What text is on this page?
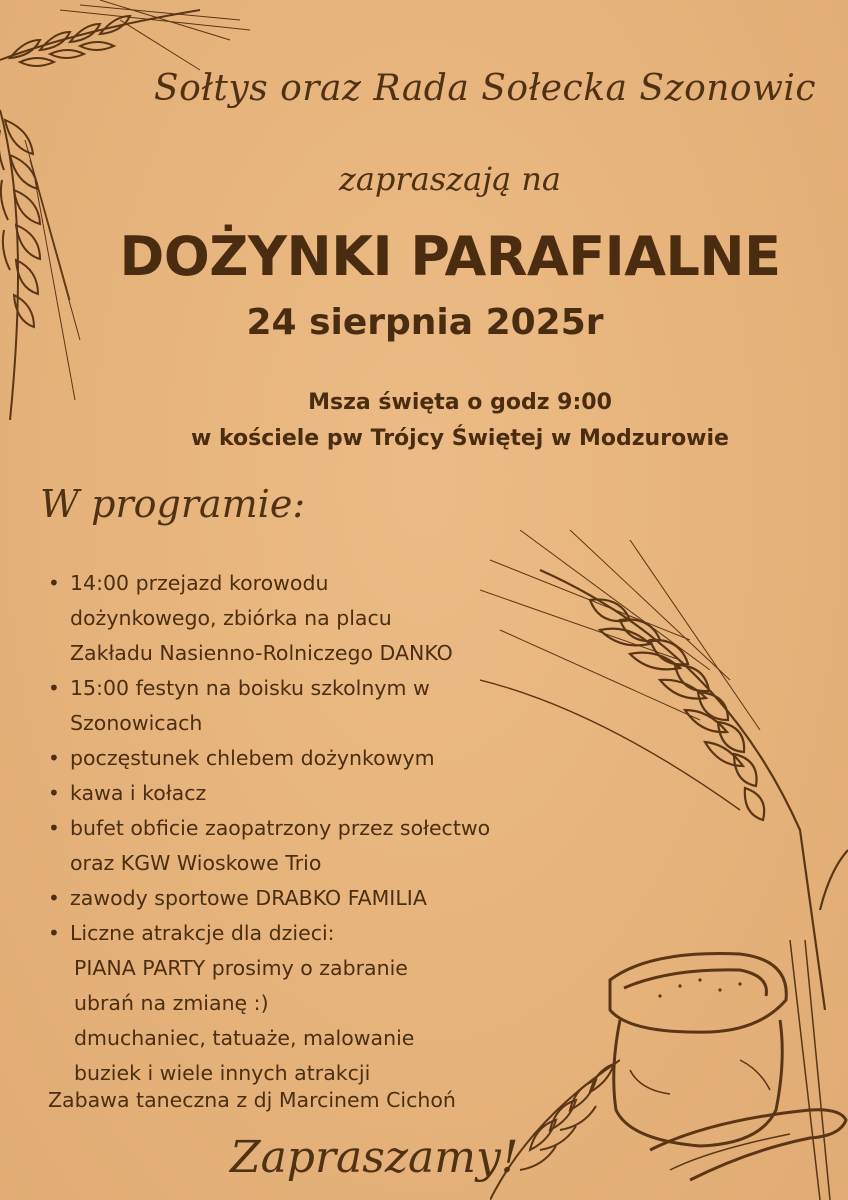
Sołtys oraz Rada Sołecka Szonowic
zapraszają na
DOŻYNKI PARAFIALNE
24 sierpnia 2025r
Msza święta o godz 9:00
w kościele pw Trójcy Świętej w Modzurowie
W programie:
• 14:00 przejazd korowodu
dożynkowego, zbiórka na placu
Zakładu Nasienno-Rolniczego DANKO
• 15:00 festyn na boisku szkolnym w
Szonowicach
• poczęstunek chlebem dożynkowym
• kawa i kołacz
• bufet obficie zaopatrzony przez sołectwo
oraz KGW Wioskowe Trio
• zawody sportowe DRABKO FAMILIA
• Liczne atrakcje dla dzieci:
PIANA PARTY prosimy o zabranie
ubrań na zmianę :)
dmuchaniec, tatuaże, malowanie
buziek i wiele innych atrakcji
Zabawa taneczna z dj Marcinem Cichoń
Zapraszamy!
